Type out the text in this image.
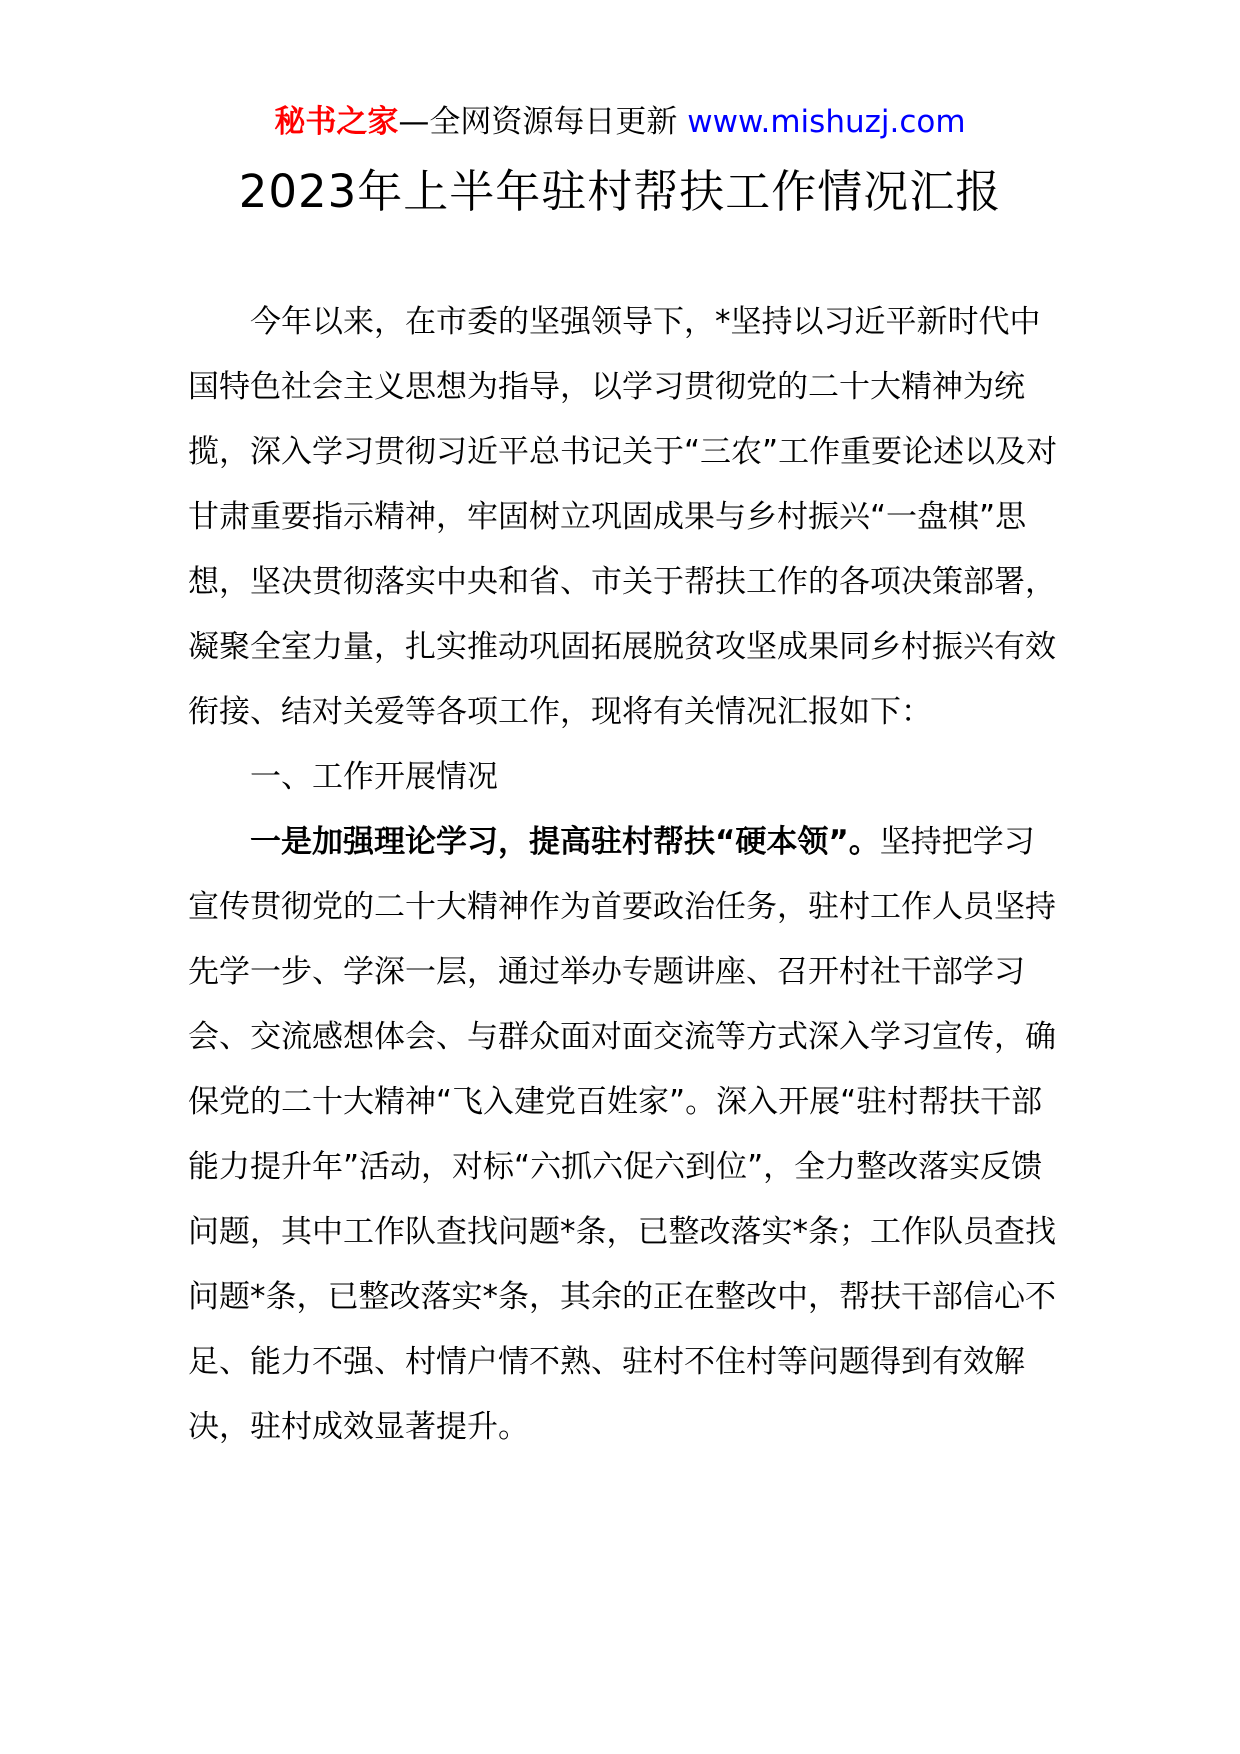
秘书之家—全网资源每日更新 www.mishuzj.com
2023年上半年驻村帮扶工作情况汇报

今年以来，在市委的坚强领导下，*坚持以习近平新时代中国特色社会主义思想为指导，以学习贯彻党的二十大精神为统揽，深入学习贯彻习近平总书记关于“三农”工作重要论述以及对甘肃重要指示精神，牢固树立巩固成果与乡村振兴“一盘棋”思想，坚决贯彻落实中央和省、市关于帮扶工作的各项决策部署，凝聚全室力量，扎实推动巩固拓展脱贫攻坚成果同乡村振兴有效衔接、结对关爱等各项工作，现将有关情况汇报如下：

一、工作开展情况

一是加强理论学习，提高驻村帮扶“硬本领”。坚持把学习宣传贯彻党的二十大精神作为首要政治任务，驻村工作人员坚持先学一步、学深一层，通过举办专题讲座、召开村社干部学习会、交流感想体会、与群众面对面交流等方式深入学习宣传，确保党的二十大精神“飞入建党百姓家”。深入开展“驻村帮扶干部能力提升年”活动，对标“六抓六促六到位”，全力整改落实反馈问题，其中工作队查找问题*条，已整改落实*条；工作队员查找问题*条，已整改落实*条，其余的正在整改中，帮扶干部信心不足、能力不强、村情户情不熟、驻村不住村等问题得到有效解决，驻村成效显著提升。
